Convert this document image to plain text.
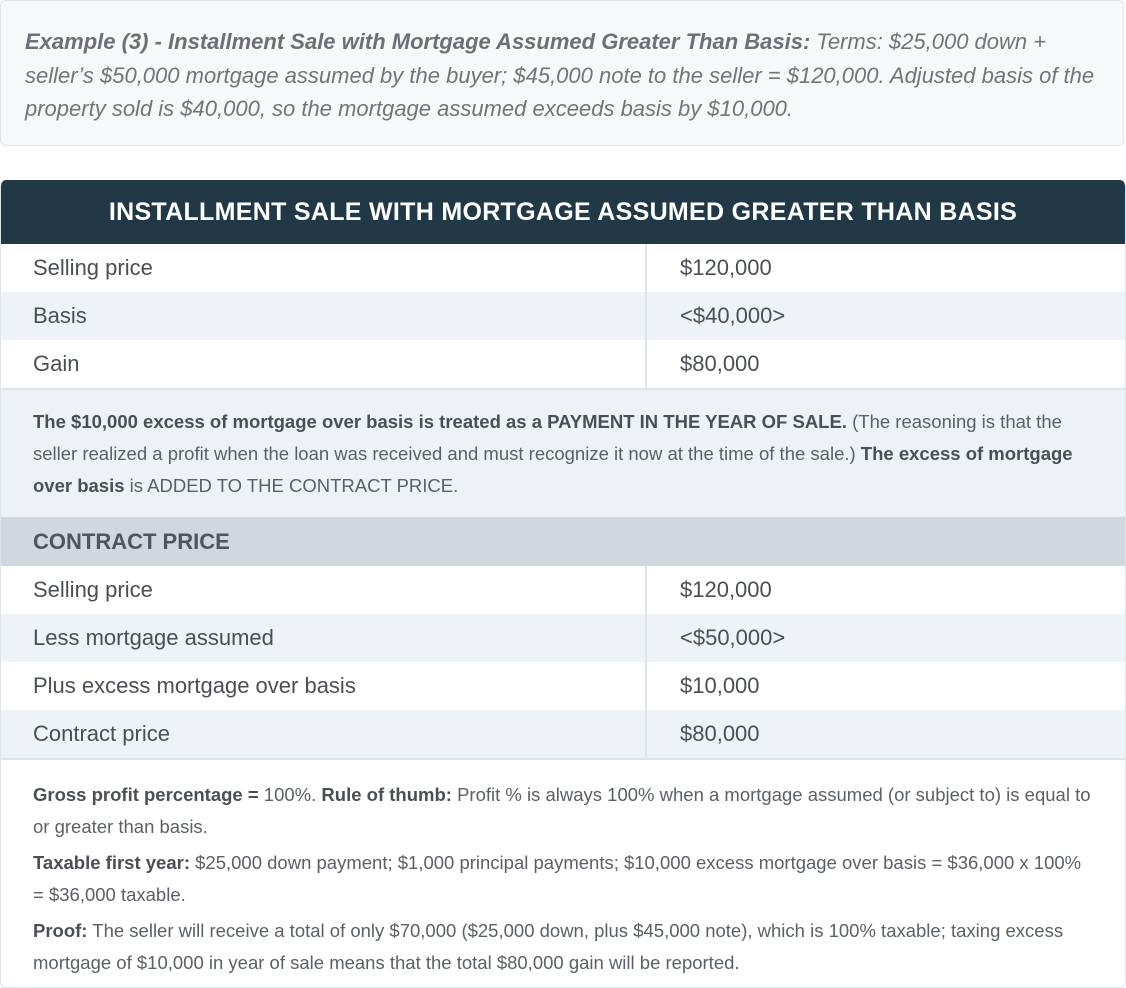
Example (3) - Installment Sale with Mortgage Assumed Greater Than Basis: Terms: $25,000 down + seller’s $50,000 mortgage assumed by the buyer; $45,000 note to the seller = $120,000. Adjusted basis of the property sold is $40,000, so the mortgage assumed exceeds basis by $10,000.
INSTALLMENT SALE WITH MORTGAGE ASSUMED GREATER THAN BASIS
Selling price	$120,000
Basis	<$40,000>
Gain	$80,000
The $10,000 excess of mortgage over basis is treated as a PAYMENT IN THE YEAR OF SALE. (The reasoning is that the seller realized a profit when the loan was received and must recognize it now at the time of the sale.) The excess of mortgage over basis is ADDED TO THE CONTRACT PRICE.
CONTRACT PRICE
Selling price	$120,000
Less mortgage assumed	<$50,000>
Plus excess mortgage over basis	$10,000
Contract price	$80,000

Gross profit percentage = 100%. Rule of thumb: Profit % is always 100% when a mortgage assumed (or subject to) is equal to or greater than basis.

Taxable first year: $25,000 down payment; $1,000 principal payments; $10,000 excess mortgage over basis = $36,000 x 100% = $36,000 taxable.

Proof: The seller will receive a total of only $70,000 ($25,000 down, plus $45,000 note), which is 100% taxable; taxing excess mortgage of $10,000 in year of sale means that the total $80,000 gain will be reported.
